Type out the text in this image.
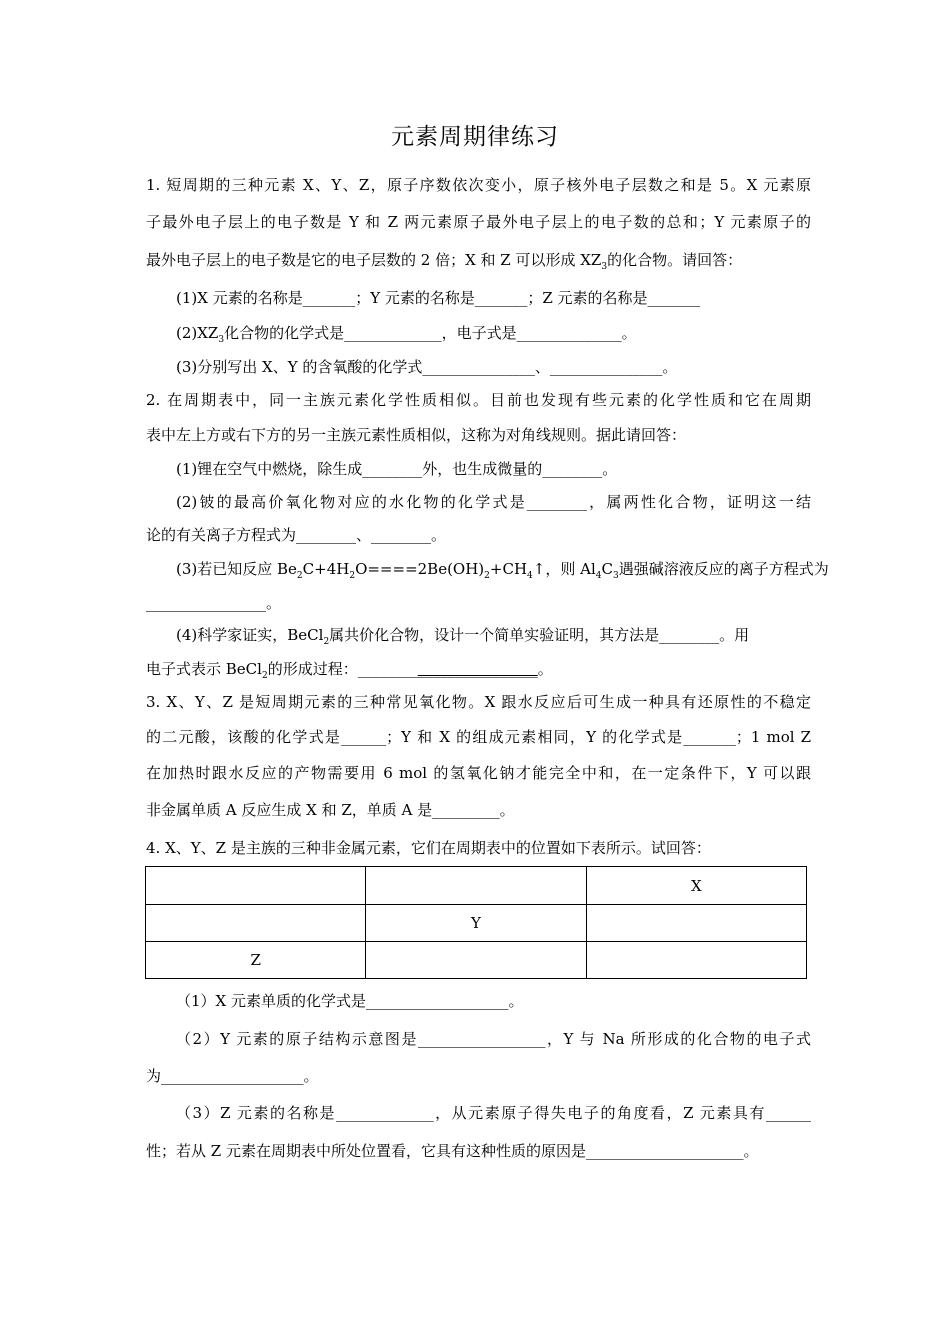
元素周期律练习
1. 短周期的三种元素 X、Y、Z，原子序数依次变小，原子核外电子层数之和是 5。X 元素原
子最外电子层上的电子数是 Y 和 Z 两元素原子最外电子层上的电子数的总和；Y 元素原子的
最外电子层上的电子数是它的电子层数的 2 倍；X 和 Z 可以形成 $XZ_3$的化合物。请回答：
(1)X 元素的名称是_______；Y 元素的名称是_______；Z 元素的名称是_______
$(2)XZ_3$化合物的化学式是_____________，电子式是______________。
(3)分别写出 X、Y 的含氧酸的化学式_______________、_______________。
2. 在周期表中，同一主族元素化学性质相似。目前也发现有些元素的化学性质和它在周期
表中左上方或右下方的另一主族元素性质相似，这称为对角线规则。据此请回答：
(1)锂在空气中燃烧，除生成________外，也生成微量的________。
(2)铍的最高价氧化物对应的水化物的化学式是________，属两性化合物，证明这一结
论的有关离子方程式为________、________。
(3)若已知反应 $Be_2C+4H_2O====2Be(OH)_2+CH_4↑$，则 $Al_4C_3$遇强碱溶液反应的离子方程式为
________________。
(4)科学家证实，BeCl$_2$属共价化合物，设计一个简单实验证明，其方法是________。用
电子式表示 BeCl$_2$的形成过程：________________________。
3. X、Y、Z 是短周期元素的三种常见氧化物。X 跟水反应后可生成一种具有还原性的不稳定
的二元酸，该酸的化学式是______；Y 和 X 的组成元素相同，Y 的化学式是_______；1 mol Z
在加热时跟水反应的产物需要用 6 mol 的氢氧化钠才能完全中和，在一定条件下，Y 可以跟
非金属单质 A 反应生成 X 和 Z，单质 A 是_________。
4. X、Y、Z 是主族的三种非金属元素，它们在周期表中的位置如下表所示。试回答：
		X
	Y	
Z		
（1）X 元素单质的化学式是___________________。
（2）Y 元素的原子结构示意图是_________________，Y 与 Na 所形成的化合物的电子式
为___________________。
（3）Z 元素的名称是_____________，从元素原子得失电子的角度看，Z 元素具有______
性；若从 Z 元素在周期表中所处位置看，它具有这种性质的原因是_____________________。
